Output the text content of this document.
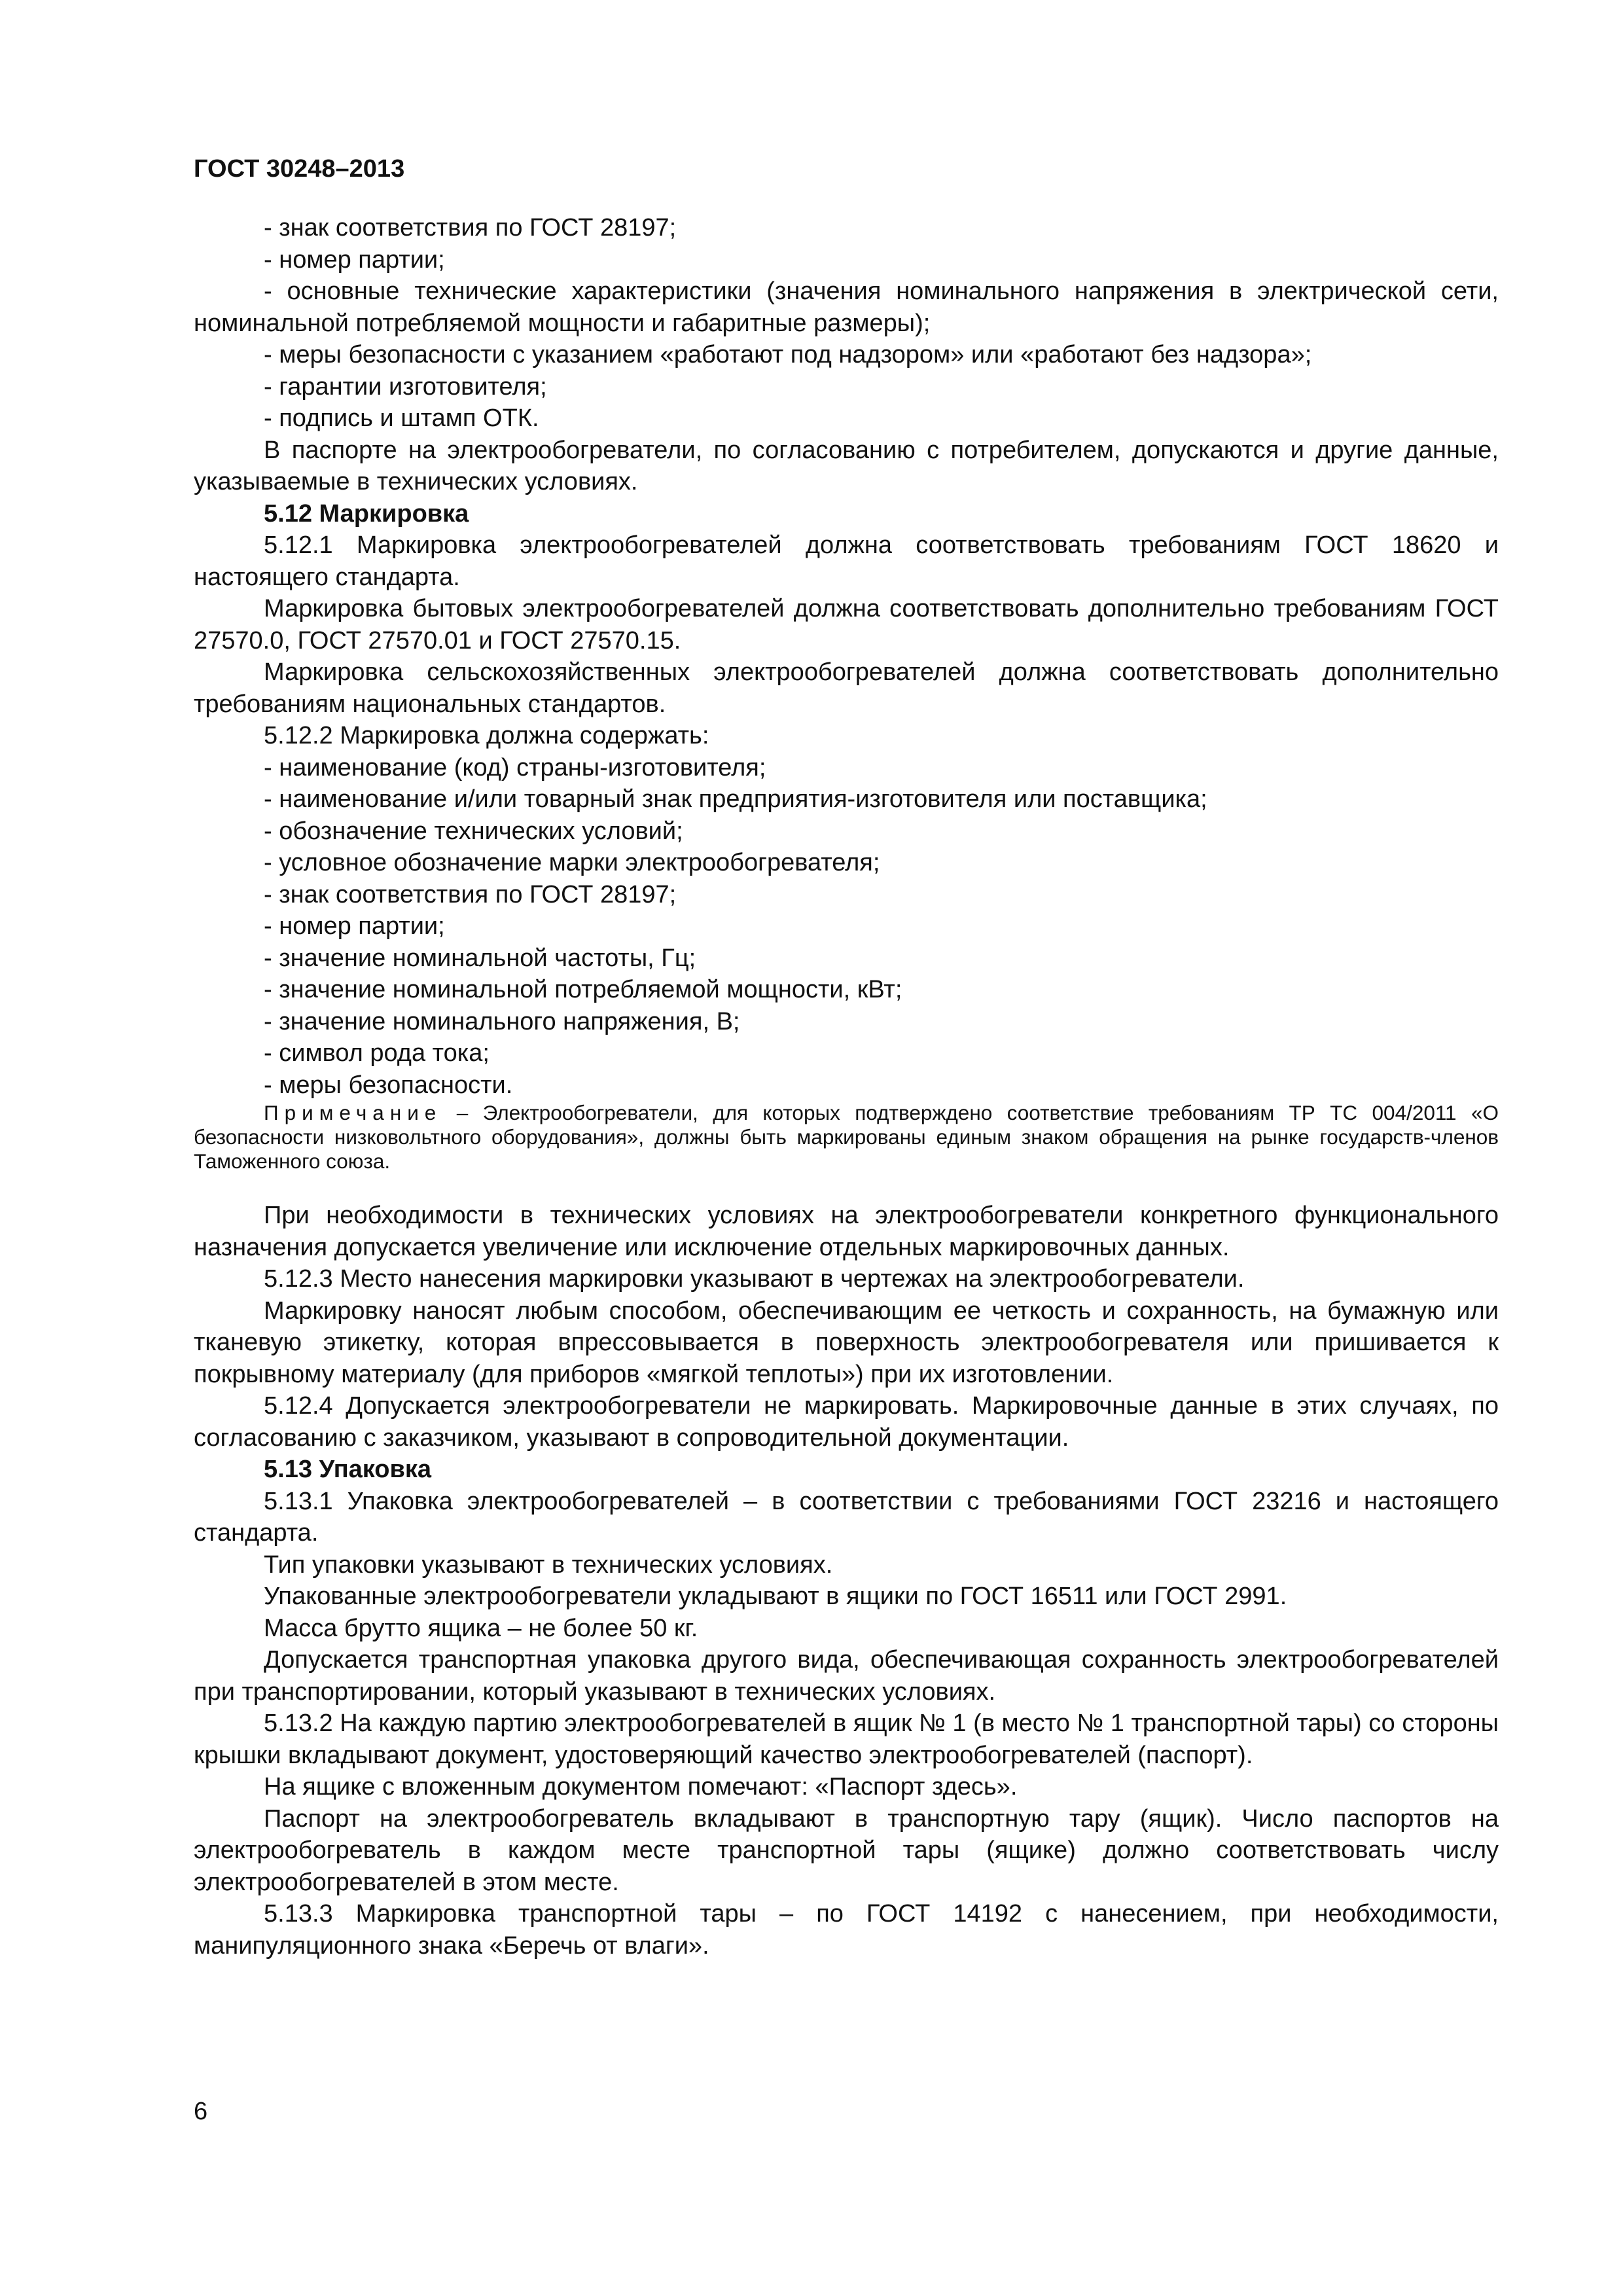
ГОСТ 30248–2013

- знак соответствия по ГОСТ 28197;

- номер партии;

- основные технические характеристики (значения номинального напряжения в электрической сети, номинальной потребляемой мощности и габаритные размеры);

- меры безопасности с указанием «работают под надзором» или «работают без надзора»;

- гарантии изготовителя;

- подпись и штамп ОТК.

В паспорте на электрообогреватели, по согласованию с потребителем, допускаются и другие данные, указываемые в технических условиях.

5.12 Маркировка

5.12.1 Маркировка электрообогревателей должна соответствовать требованиям ГОСТ 18620 и настоящего стандарта.

Маркировка бытовых электрообогревателей должна соответствовать дополнительно требованиям ГОСТ 27570.0, ГОСТ 27570.01 и ГОСТ 27570.15.

Маркировка сельскохозяйственных электрообогревателей должна соответствовать дополнительно требованиям национальных стандартов.

5.12.2 Маркировка должна содержать:

- наименование (код) страны-изготовителя;

- наименование и/или товарный знак предприятия-изготовителя или поставщика;

- обозначение технических условий;

- условное обозначение марки электрообогревателя;

- знак соответствия по ГОСТ 28197;

- номер партии;

- значение номинальной частоты, Гц;

- значение номинальной потребляемой мощности, кВт;

- значение номинального напряжения, В;

- символ рода тока;

- меры безопасности.

Примечание – Электрообогреватели, для которых подтверждено соответствие требованиям ТР ТС 004/2011 «О безопасности низковольтного оборудования», должны быть маркированы единым знаком обращения на рынке государств-членов Таможенного союза.

При необходимости в технических условиях на электрообогреватели конкретного функционального назначения допускается увеличение или исключение отдельных маркировочных данных.

5.12.3 Место нанесения маркировки указывают в чертежах на электрообогреватели.

Маркировку наносят любым способом, обеспечивающим ее четкость и сохранность, на бумажную или тканевую этикетку, которая впрессовывается в поверхность электрообогревателя или пришивается к покрывному материалу (для приборов «мягкой теплоты») при их изготовлении.

5.12.4 Допускается электрообогреватели не маркировать. Маркировочные данные в этих случаях, по согласованию с заказчиком, указывают в сопроводительной документации.

5.13 Упаковка

5.13.1 Упаковка электрообогревателей – в соответствии с требованиями ГОСТ 23216 и настоящего стандарта.

Тип упаковки указывают в технических условиях.

Упакованные электрообогреватели укладывают в ящики по ГОСТ 16511 или ГОСТ 2991.

Масса брутто ящика – не более 50 кг.

Допускается транспортная упаковка другого вида, обеспечивающая сохранность электрообогревателей при транспортировании, который указывают в технических условиях.

5.13.2 На каждую партию электрообогревателей в ящик № 1 (в место № 1 транспортной тары) со стороны крышки вкладывают документ, удостоверяющий качество электрообогревателей (паспорт).

На ящике с вложенным документом помечают: «Паспорт здесь».

Паспорт на электрообогреватель вкладывают в транспортную тару (ящик). Число паспортов на электрообогреватель в каждом месте транспортной тары (ящике) должно соответствовать числу электрообогревателей в этом месте.

5.13.3 Маркировка транспортной тары – по ГОСТ 14192 с нанесением, при необходимости, манипуляционного знака «Беречь от влаги».

6
